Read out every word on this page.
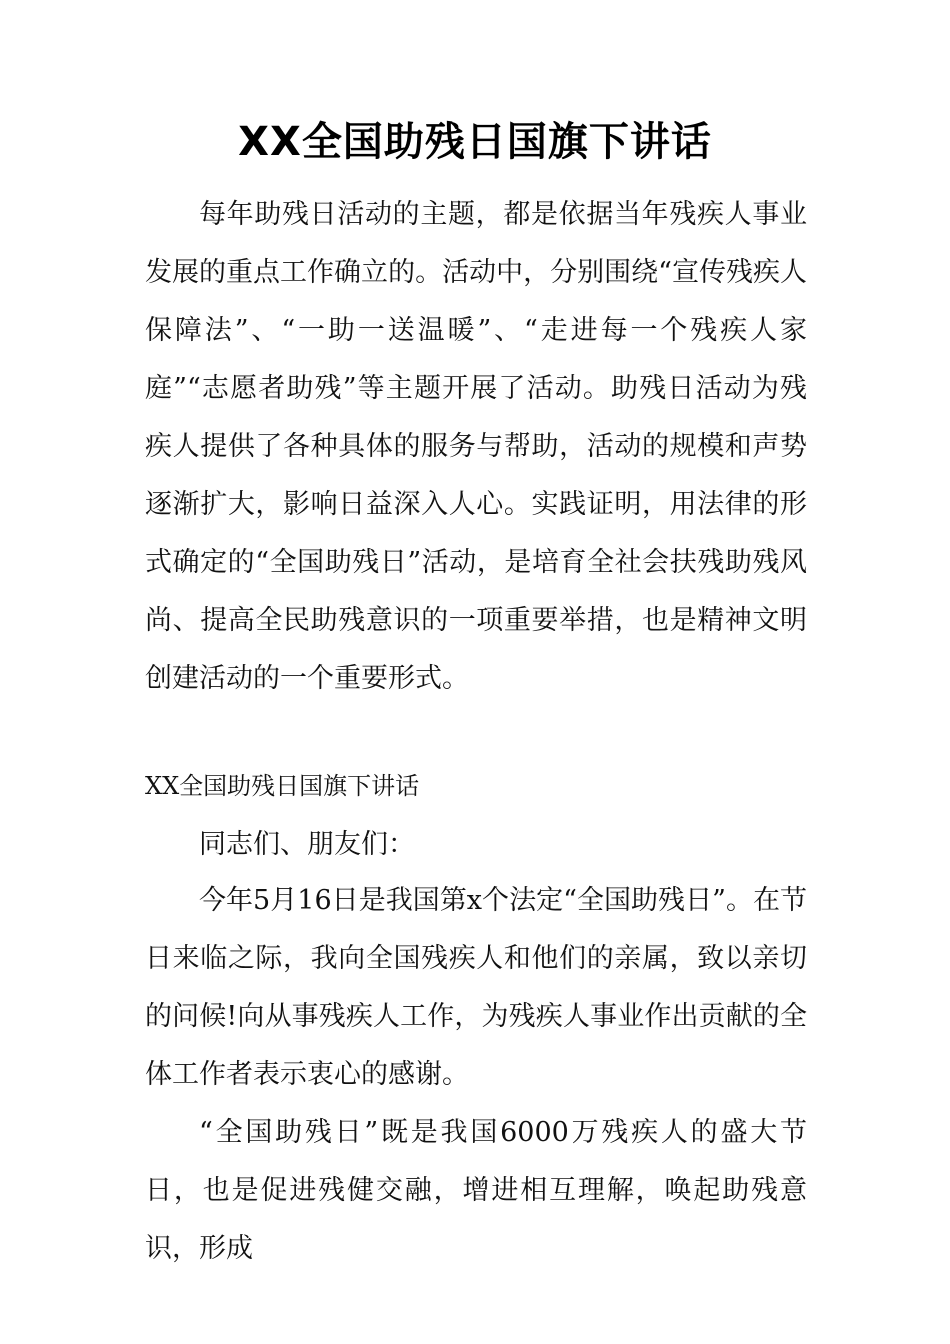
XX全国助残日国旗下讲话

每年助残日活动的主题，都是依据当年残疾人事业发展的重点工作确立的。活动中，分别围绕“宣传残疾人保障法”、“一助一送温暖”、“走进每一个残疾人家庭”“志愿者助残”等主题开展了活动。助残日活动为残疾人提供了各种具体的服务与帮助，活动的规模和声势逐渐扩大，影响日益深入人心。实践证明，用法律的形式确定的“全国助残日”活动，是培育全社会扶残助残风尚、提高全民助残意识的一项重要举措，也是精神文明创建活动的一个重要形式。

XX全国助残日国旗下讲话

同志们、朋友们：

今年5月16日是我国第x个法定“全国助残日”。在节日来临之际，我向全国残疾人和他们的亲属，致以亲切的问候!向从事残疾人工作，为残疾人事业作出贡献的全体工作者表示衷心的感谢。

“全国助残日”既是我国6000万残疾人的盛大节日，也是促进残健交融，增进相互理解，唤起助残意识，形成
